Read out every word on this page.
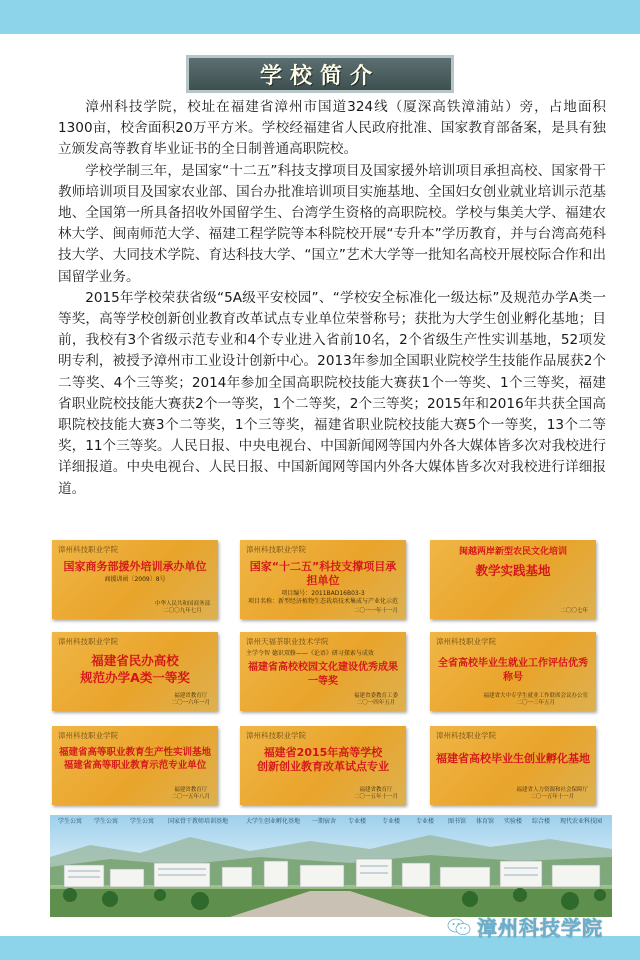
学校简介

漳州科技学院，校址在福建省漳州市国道324线（厦深高铁漳浦站）旁，占地面积1300亩，校舍面积20万平方米。学校经福建省人民政府批准、国家教育部备案，是具有独立颁发高等教育毕业证书的全日制普通高职院校。

学校学制三年，是国家“十二五”科技支撑项目及国家援外培训项目承担高校、国家骨干教师培训项目及国家农业部、国台办批准培训项目实施基地、全国妇女创业就业培训示范基地、全国第一所具备招收外国留学生、台湾学生资格的高职院校。学校与集美大学、福建农林大学、闽南师范大学、福建工程学院等本科院校开展“专升本”学历教育，并与台湾高苑科技大学、大同技术学院、育达科技大学、“国立”艺术大学等一批知名高校开展校际合作和出国留学业务。

2015年学校荣获省级“5A级平安校园”、“学校安全标准化一级达标”及规范办学A类一等奖，高等学校创新创业教育改革试点专业单位荣誉称号；获批为大学生创业孵化基地；目前，我校有3个省级示范专业和4个专业进入省前10名，2个省级生产性实训基地，52项发明专利，被授予漳州市工业设计创新中心。2013年参加全国职业院校学生技能作品展获2个二等奖、4个三等奖；2014年参加全国高职院校技能大赛获1个一等奖、1个三等奖，福建省职业院校技能大赛获2个一等奖，1个二等奖，2个三等奖；2015年和2016年共获全国高职院校技能大赛3个二等奖，1个三等奖，福建省职业院校技能大赛5个一等奖，13个二等奖，11个三等奖。人民日报、中央电视台、中国新闻网等国内外各大媒体皆多次对我校进行详细报道。中央电视台、人民日报、中国新闻网等国内外各大媒体皆多次对我校进行详细报道。

漳州科技职业学院
国家商务部援外培训承办单位
商援训函〔2009〕8号
中华人民共和国商务部
二〇〇九年七月
漳州科技职业学院
国家“十二五”科技支撑项目承担单位
项目编号：2011BAD16B03-3
项目名称：新型经济植物生态栽培技术集成与产业化示范
二〇一一年十一月
闽越两岸新型农民文化培训
教学实践基地
二〇〇七年
漳州科技职业学院
福建省民办高校
规范办学A类一等奖
福建省教育厅
二〇一六年一月
漳州天福茶职业技术学院
主学令智 德识双修——《论语》研习探索与成效
福建省高校校园文化建设优秀成果一等奖
福建省委教育工委
二〇一四年五月
漳州科技职业学院
全省高校毕业生就业工作评估优秀称号
福建省大中专学生就业工作联席会议办公室
二〇一三年五月
漳州科技职业学院
福建省高等职业教育生产性实训基地
福建省高等职业教育示范专业单位
福建省教育厅
二〇一五年八月
漳州科技职业学院
福建省2015年高等学校
创新创业教育改革试点专业
福建省教育厅
二〇一五年十一月
漳州科技职业学院
福建省高校毕业生创业孵化基地
福建省人力资源和社会保障厅
二〇一五年十一月
学生公寓 学生公寓 学生公寓 国家骨干教师培训基地	大学生创业孵化基地 一期宿舍 专业楼	专业楼	专业楼 图书馆 体育馆 实验楼 综合楼 现代农业科技园
漳州科技学院
